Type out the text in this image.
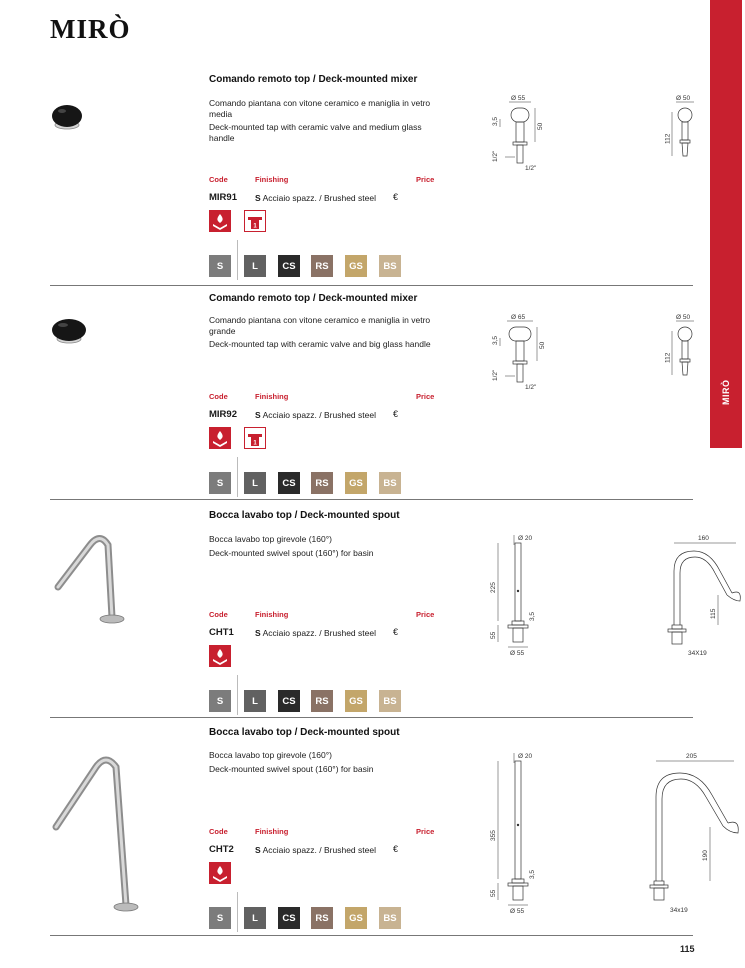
MIRÒ
MIRÒ
Comando remoto top / Deck-mounted mixer

Comando piantana con vitone ceramico e maniglia in vetro media

Deck-mounted tap with ceramic valve and medium glass handle

Code	Finishing	Price
MIR91 S Acciaio spazz. / Brushed steel €
1
S	L	CS	RS	GS	BS
Ø 55
3,5
50
1/2"
1/2"
Ø 50
112
Comando remoto top / Deck-mounted mixer

Comando piantana con vitone ceramico e maniglia in vetro grande

Deck-mounted tap with ceramic valve and big glass handle

Code	Finishing	Price
MIR92 S Acciaio spazz. / Brushed steel €
1
S	L	CS	RS	GS	BS
Ø 65
3,5
50
1/2"
1/2"
Ø 50
112
Bocca lavabo top / Deck-mounted spout

Bocca lavabo top girevole (160°)

Deck-mounted swivel spout (160°) for basin

Code	Finishing	Price
CHT1 S Acciaio spazz. / Brushed steel €
S	L	CS	RS	GS	BS
Ø 20
225
3,5
55
Ø 55
160
115
34X19
Bocca lavabo top / Deck-mounted spout

Bocca lavabo top girevole (160°)

Deck-mounted swivel spout (160°) for basin

Code	Finishing	Price
CHT2 S Acciaio spazz. / Brushed steel €
S	L	CS	RS	GS	BS
Ø 20
355
3,5
55
Ø 55
205
190
34x19
115
